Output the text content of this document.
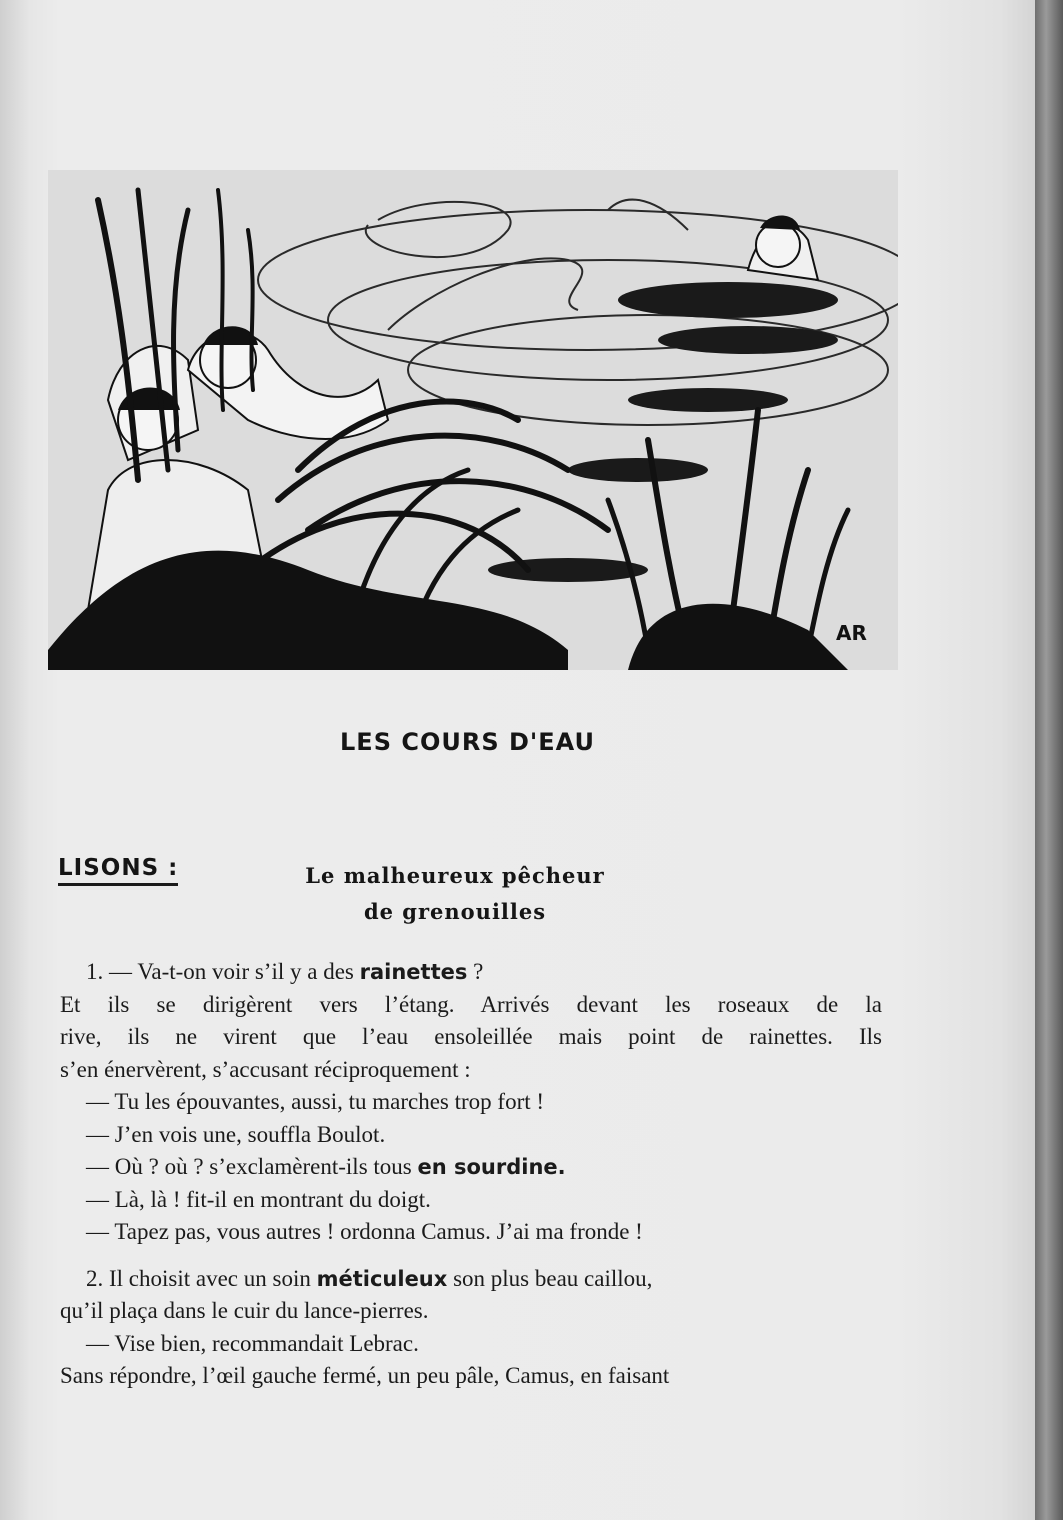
AR
LES COURS D'EAU
LISONS :	Le malheureux pêcheur
de grenouilles
1. — Va-t-on voir s’il y a des rainettes ?
Et ils se dirigèrent vers l’étang. Arrivés devant les roseaux de la
rive, ils ne virent que l’eau ensoleillée mais point de rainettes. Ils
s’en énervèrent, s’accusant réciproquement :
— Tu les épouvantes, aussi, tu marches trop fort !
— J’en vois une, souffla Boulot.
— Où ? où ? s’exclamèrent-ils tous en sourdine.
— Là, là ! fit-il en montrant du doigt.
— Tapez pas, vous autres ! ordonna Camus. J’ai ma fronde !
2. Il choisit avec un soin méticuleux son plus beau caillou,
qu’il plaça dans le cuir du lance-pierres.
— Vise bien, recommandait Lebrac.
Sans répondre, l’œil gauche fermé, un peu pâle, Camus, en faisant
